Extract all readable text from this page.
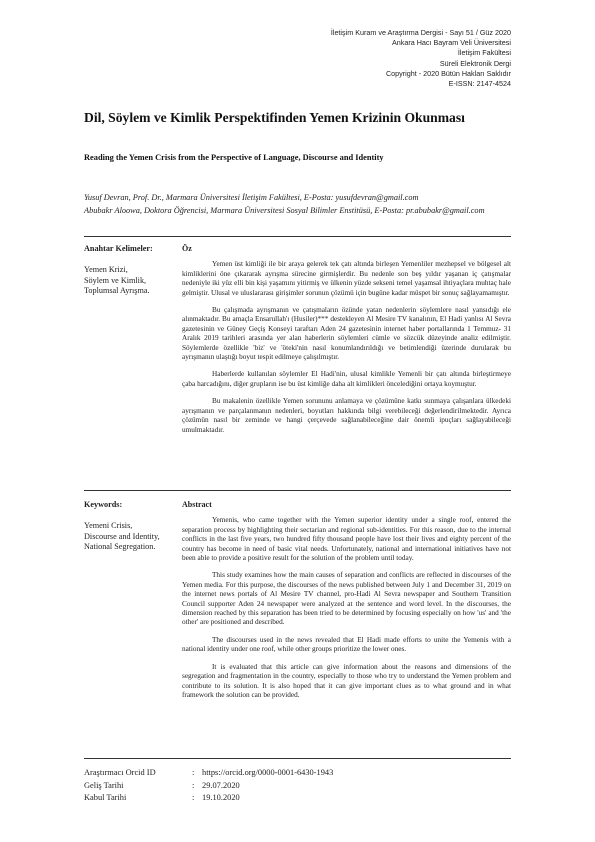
İletişim Kuram ve Araştırma Dergisi - Sayı 51 / Güz 2020
Ankara Hacı Bayram Veli Üniversitesi
İletişim Fakültesi
Süreli Elektronik Dergi
Copyright - 2020 Bütün Hakları Saklıdır
E-ISSN: 2147-4524
Dil, Söylem ve Kimlik Perspektifinden Yemen Krizinin Okunması
Reading the Yemen Crisis from the Perspective of Language, Discourse and Identity
Yusuf Devran, Prof. Dr., Marmara Üniversitesi İletişim Fakültesi, E-Posta: yusufdevran@gmail.com
Abubakr Aloowa, Doktora Öğrencisi, Marmara Üniversitesi Sosyal Bilimler Enstitüsü, E-Posta: pr.abubakr@gmail.com
Anahtar Kelimeler:
Yemen Krizi,
Söylem ve Kimlik,
Toplumsal Ayrışma.
Öz
Yemen üst kimliği ile bir araya gelerek tek çatı altında birleşen Yemenliler mezhepsel ve bölgesel alt kimliklerini öne çıkararak ayrışma sürecine girmişlerdir. Bu nedenle son beş yıldır yaşanan iç çatışmalar nedeniyle iki yüz elli bin kişi yaşamını yitirmiş ve ülkenin yüzde sekseni temel yaşamsal ihtiyaçlara muhtaç hale gelmiştir. Ulusal ve uluslararası girişimler sorunun çözümü için bugüne kadar müspet bir sonuç sağlayamamıştır.
Bu çalışmada ayrışmanın ve çatışmaların özünde yatan nedenlerin söylemlere nasıl yansıdığı ele alınmaktadır. Bu amaçla Ensarullah'ı (Husiler)*** destekleyen Al Mesire TV kanalının, El Hadi yanlısı Al Sevra gazetesinin ve Güney Geçiş Konseyi taraftarı Aden 24 gazetesinin internet haber portallarında 1 Temmuz- 31 Aralık 2019 tarihleri arasında yer alan haberlerin söylemleri cümle ve sözcük düzeyinde analiz edilmiştir. Söylemlerde özellikle 'biz' ve 'öteki'nin nasıl konumlandırıldığı ve betimlendiği üzerinde durularak bu ayrışmanın ulaştığı boyut tespit edilmeye çalışılmıştır.
Haberlerde kullanılan söylemler El Hadi'nin, ulusal kimlikle Yemenli bir çatı altında birleştirmeye çaba harcadığını, diğer grupların ise bu üst kimliğe daha alt kimlikleri öncelediğini ortaya koymuştur.
Bu makalenin özellikle Yemen sorununu anlamaya ve çözümüne katkı sunmaya çalışanlara ülkedeki ayrışmanın ve parçalanmanın nedenleri, boyutları hakkında bilgi verebileceği değerlendirilmektedir. Ayrıca çözümün nasıl bir zeminde ve hangi çerçevede sağlanabileceğine dair önemli ipuçları sağlayabileceği umulmaktadır.
Keywords:
Yemeni Crisis,
Discourse and Identity,
National Segregation.
Abstract
Yemenis, who came together with the Yemen superior identity under a single roof, entered the separation process by highlighting their sectarian and regional sub-identities. For this reason, due to the internal conflicts in the last five years, two hundred fifty thousand people have lost their lives and eighty percent of the country has become in need of basic vital needs. Unfortunately, national and international initiatives have not been able to provide a positive result for the solution of the problem until today.
This study examines how the main causes of separation and conflicts are reflected in discourses of the Yemen media. For this purpose, the discourses of the news published between July 1 and December 31, 2019 on the internet news portals of Al Mesire TV channel, pro-Hadi Al Sevra newspaper and Southern Transition Council supporter Aden 24 newspaper were analyzed at the sentence and word level. In the discourses, the dimension reached by this separation has been tried to be determined by focusing especially on how 'us' and 'the other' are positioned and described.
The discourses used in the news revealed that El Hadi made efforts to unite the Yemenis with a national identity under one roof, while other groups prioritize the lower ones.
It is evaluated that this article can give information about the reasons and dimensions of the segregation and fragmentation in the country, especially to those who try to understand the Yemen problem and contribute to its solution. It is also hoped that it can give important clues as to what ground and in what framework the solution can be provided.
Araştırmacı Orcid ID	: https://orcid.org/0000-0001-6430-1943
Geliş Tarihi	: 29.07.2020
Kabul Tarihi	: 19.10.2020
